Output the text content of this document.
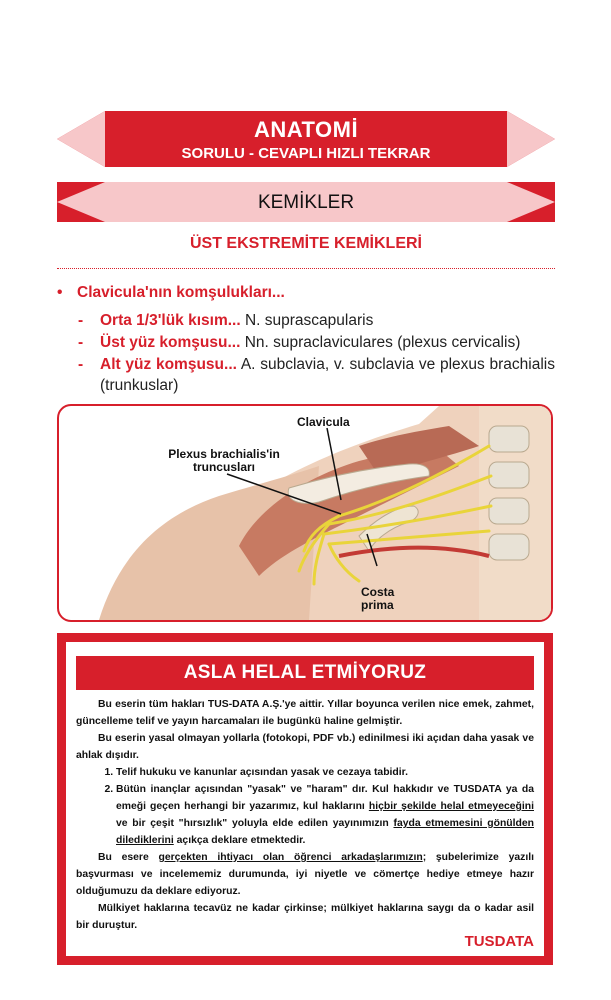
ANATOMİ
SORULU - CEVAPLI HIZLI TEKRAR
KEMİKLER
ÜST EKSTREMİTE KEMİKLERİ
• Clavicula'nın komşulukları...
- Orta 1/3'lük kısım... N. suprascapularis
- Üst yüz komşusu... Nn. supraclaviculares (plexus cervicalis)
- Alt yüz komşusu... A. subclavia, v. subclavia ve plexus brachialis (trunkuslar)
Clavicula
Plexus brachialis'in
truncusları
Costa
prima
ASLA HELAL ETMİYORUZ

Bu eserin tüm hakları TUS-DATA A.Ş.'ye aittir. Yıllar boyunca verilen nice emek, zahmet, güncelleme telif ve yayın harcamaları ile bugünkü haline gelmiştir.

Bu eserin yasal olmayan yollarla (fotokopi, PDF vb.) edinilmesi iki açıdan daha yasak ve ahlak dışıdır.

1. Telif hukuku ve kanunlar açısından yasak ve cezaya tabidir.
2. Bütün inançlar açısından "yasak" ve "haram" dır. Kul hakkıdır ve TUSDATA ya da emeği geçen herhangi bir yazarımız, kul haklarını hiçbir şekilde helal etmeyeceğini ve bir çeşit "hırsızlık" yoluyla elde edilen yayınımızın fayda etmemesini gönülden dilediklerini açıkça deklare etmektedir.

Bu esere gerçekten ihtiyacı olan öğrenci arkadaşlarımızın; şubelerimize yazılı başvurması ve incelememiz durumunda, iyi niyetle ve cömertçe hediye etmeye hazır olduğumuzu da deklare ediyoruz.

Mülkiyet haklarına tecavüz ne kadar çirkinse; mülkiyet haklarına saygı da o kadar asil bir duruştur.

TUSDATA
